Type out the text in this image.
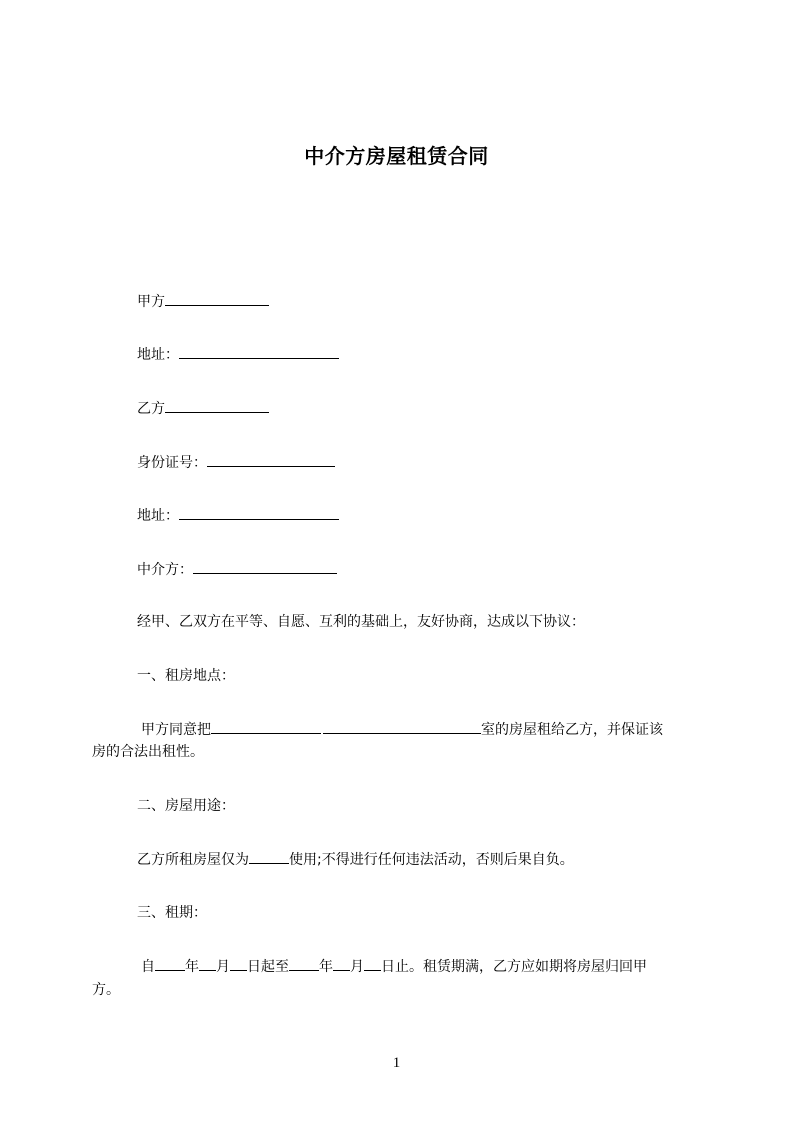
中介方房屋租赁合同
甲方
地址：
乙方
身份证号：
地址：
中介方：
经甲、乙双方在平等、自愿、互利的基础上，友好协商，达成以下协议：
一、租房地点：
甲方同意把	室的房屋租给乙方，并保证该
房的合法出租性。
二、房屋用途：
乙方所租房屋仅为	使用;不得进行任何违法活动，否则后果自负。
三、租期：
自 年 月 日起至 年 月 日止。租赁期满，乙方应如期将房屋归回甲
方。
1
